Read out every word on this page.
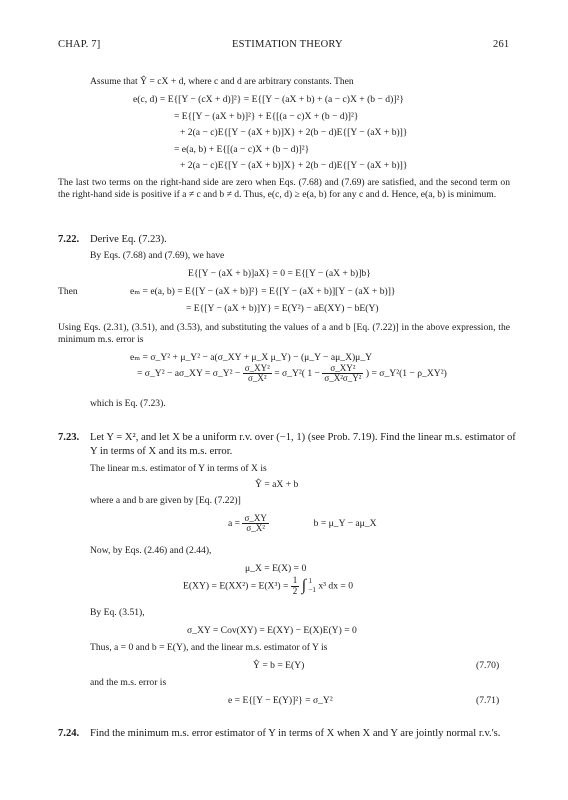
CHAP. 7]	ESTIMATION THEORY	261

Assume that Ŷ = cX + d, where c and d are arbitrary constants. Then

e(c, d) = E{[Y − (cX + d)]²} = E{[Y − (aX + b) + (a − c)X + (b − d)]²}

= E{[Y − (aX + b)]²} + E{[(a − c)X + (b − d)]²}

+ 2(a − c)E{[Y − (aX + b)]X} + 2(b − d)E{[Y − (aX + b)]}

= e(a, b) + E{[(a − c)X + (b − d)]²}

+ 2(a − c)E{[Y − (aX + b)]X} + 2(b − d)E{[Y − (aX + b)]}

The last two terms on the right-hand side are zero when Eqs. (7.68) and (7.69) are satisfied, and the second term on the right-hand side is positive if a ≠ c and b ≠ d. Thus, e(c, d) ≥ e(a, b) for any c and d. Hence, e(a, b) is minimum.

7.22. Derive Eq. (7.23).

By Eqs. (7.68) and (7.69), we have

E{[Y − (aX + b)]aX} = 0 = E{[Y − (aX + b)]b}

Then	eₘ = e(a, b) = E{[Y − (aX + b)]²} = E{[Y − (aX + b)][Y − (aX + b)]}

= E{[Y − (aX + b)]Y} = E(Y²) − aE(XY) − bE(Y)

Using Eqs. (2.31), (3.51), and (3.53), and substituting the values of a and b [Eq. (7.22)] in the above expression, the minimum m.s. error is

eₘ = σ_Y² + μ_Y² − a(σ_XY + μ_X μ_Y) − (μ_Y − aμ_X)μ_Y

= σ_Y² − aσ_XY = σ_Y² − $\frac{\text{σ\_XY²}}{\text{σ\_X²}}$ = σ_Y²( $1 - \frac{\text{σ\_XY²}}{\text{σ\_X²σ\_Y²}}$ ) = σ_Y²(1 − ρ_XY²)

which is Eq. (7.23).

7.23. Let Y = X², and let X be a uniform r.v. over (−1, 1) (see Prob. 7.19). Find the linear m.s. estimator of Y in terms of X and its m.s. error.

The linear m.s. estimator of Y in terms of X is

Ŷ = aX + b

where a and b are given by [Eq. (7.22)]

$a = \frac{\sigma\_XY}{\text{σ\_X²}}$	b = μ_Y − aμ_X

Now, by Eqs. (2.46) and (2.44),

μ_X = E(X) = 0

$E(XY) = E(XX^2) = E(X^3) = \frac{1}{2}$ ∫ 1
−1 x³ dx = 0

By Eq. (3.51),

σ_XY = Cov(XY) = E(XY) − E(X)E(Y) = 0

Thus, a = 0 and b = E(Y), and the linear m.s. estimator of Y is

Ŷ = b = E(Y)	(7.70)

and the m.s. error is

e = E{[Y − E(Y)]²} = σ_Y²	(7.71)

7.24. Find the minimum m.s. error estimator of Y in terms of X when X and Y are jointly normal r.v.'s.
